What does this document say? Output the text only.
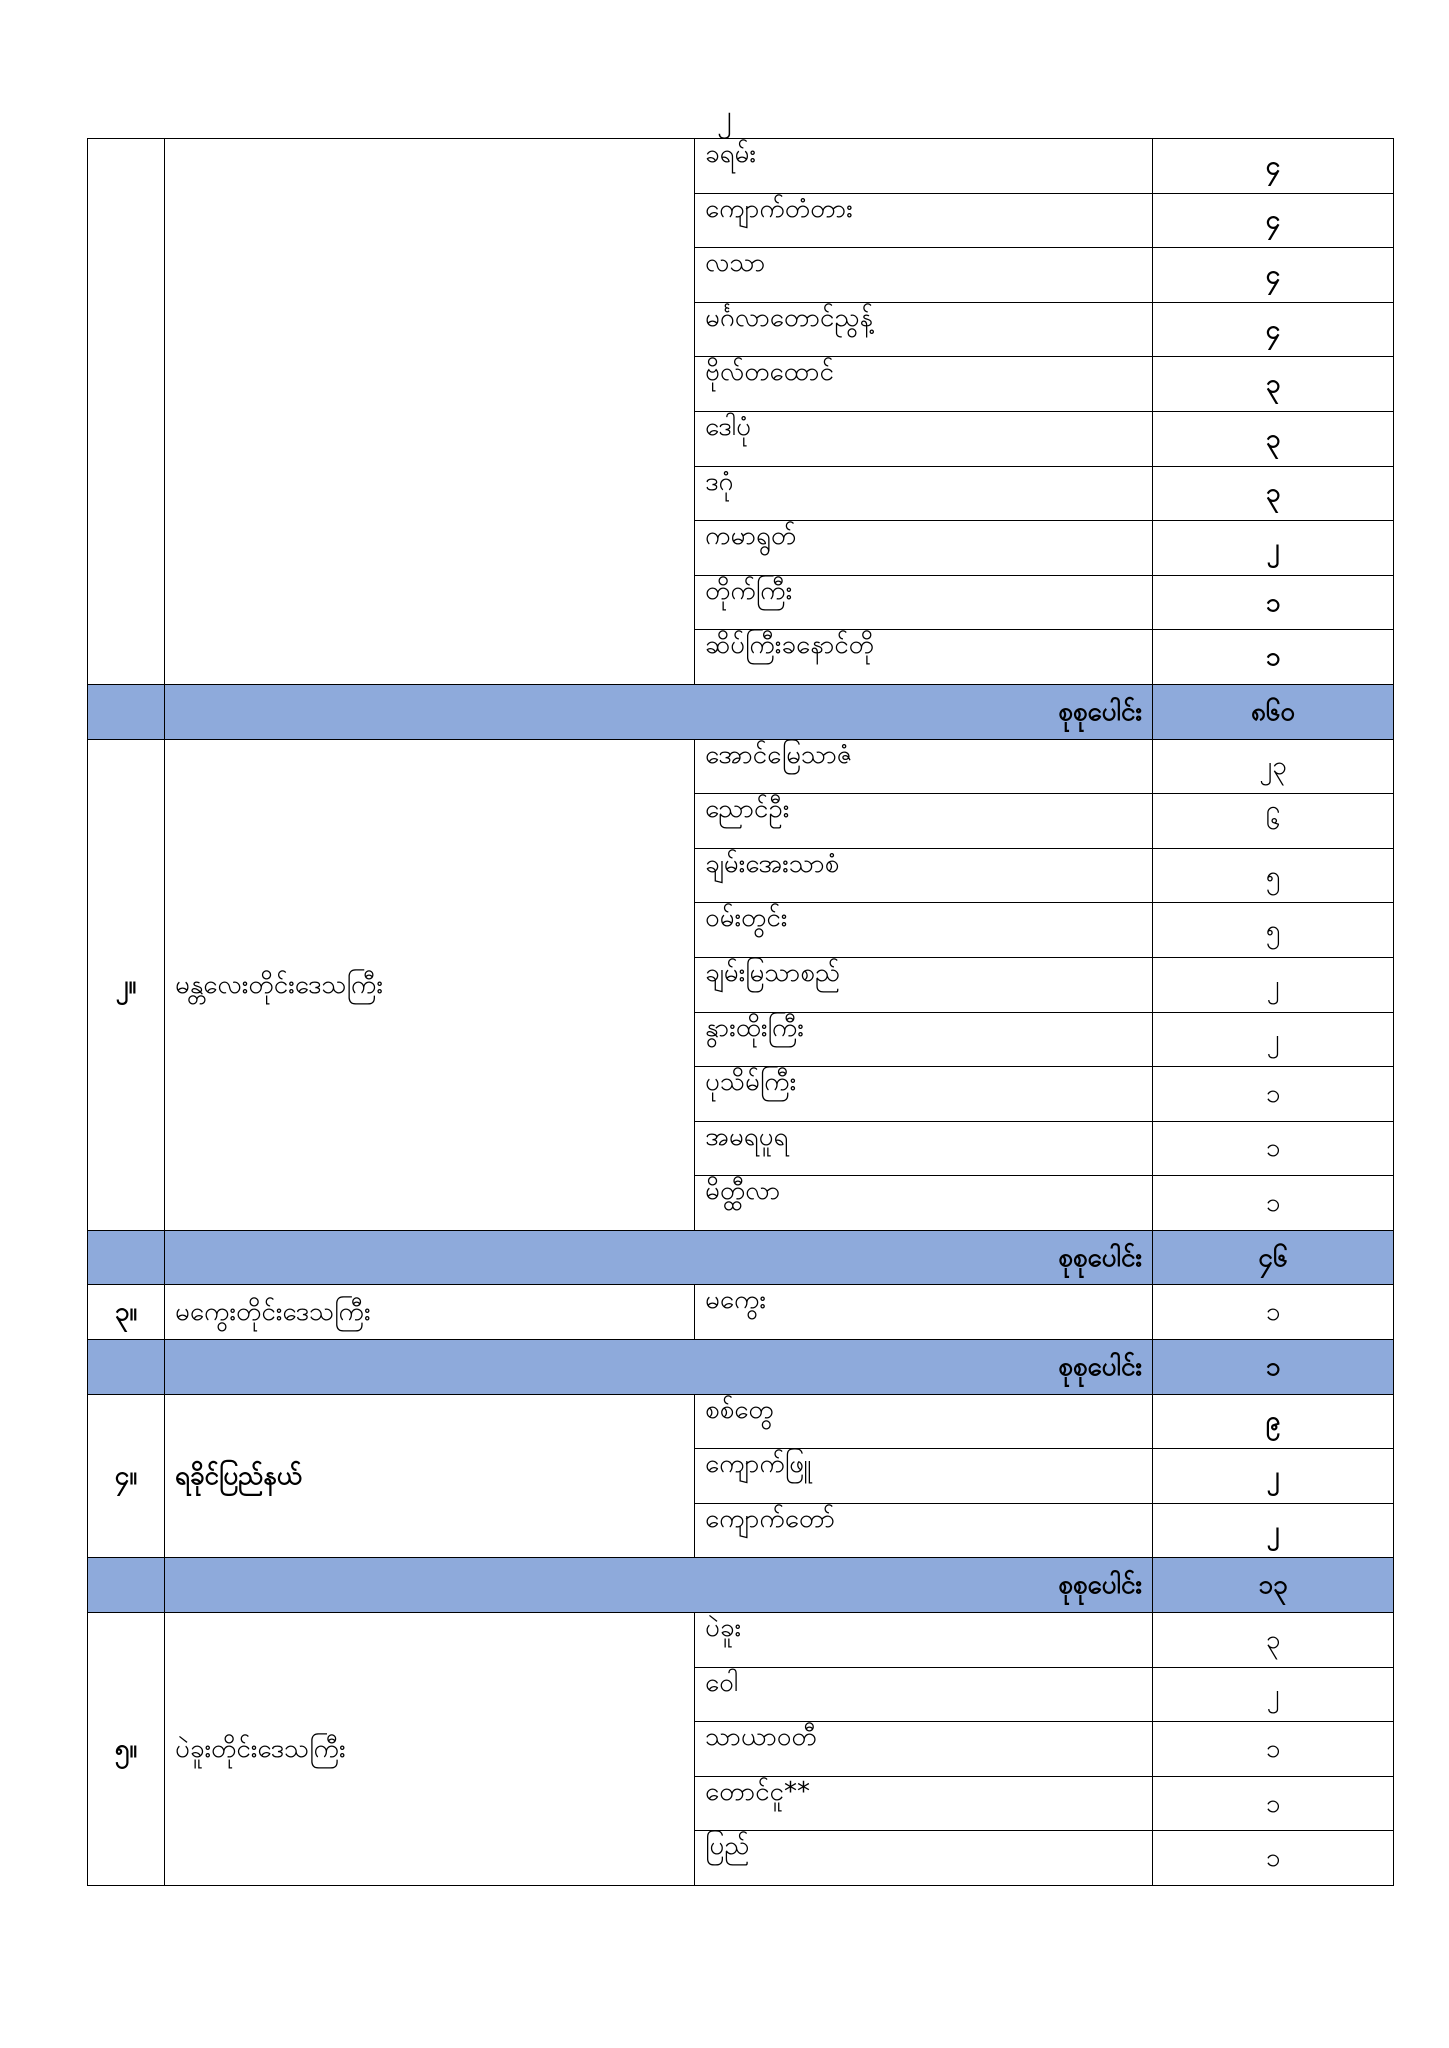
၂
		ခရမ်း	၄
		ကျောက်တံတား	၄
		လသာ	၄
		မင်္ဂလာတောင်ညွန့်	၄
		ဗိုလ်တထောင်	၃
		ဒေါပုံ	၃
		ဒဂုံ	၃
		ကမာရွတ်	၂
		တိုက်ကြီး	၁
		ဆိပ်ကြီးခနောင်တို	၁
	စုစုပေါင်း		၈၆၀
၂။	မန္တလေးတိုင်းဒေသကြီး	အောင်မြေသာဇံ	၂၃
		ညောင်ဦး	၆
		ချမ်းအေးသာစံ	၅
		ဝမ်းတွင်း	၅
		ချမ်းမြသာစည်	၂
		နွားထိုးကြီး	၂
		ပုသိမ်ကြီး	၁
		အမရပူရ	၁
		မိတ္ထီလာ	၁
	စုစုပေါင်း		၄၆
၃။	မကွေးတိုင်းဒေသကြီး	မကွေး	၁
	စုစုပေါင်း		၁
၄။	ရခိုင်ပြည်နယ်	စစ်တွေ	၉
		ကျောက်ဖြူ	၂
		ကျောက်တော်	၂
	စုစုပေါင်း		၁၃
၅။	ပဲခူးတိုင်းဒေသကြီး	ပဲခူး	၃
		ဝေါ	၂
		သာယာဝတီ	၁
		တောင်ငူ**	၁
		ပြည်	၁
